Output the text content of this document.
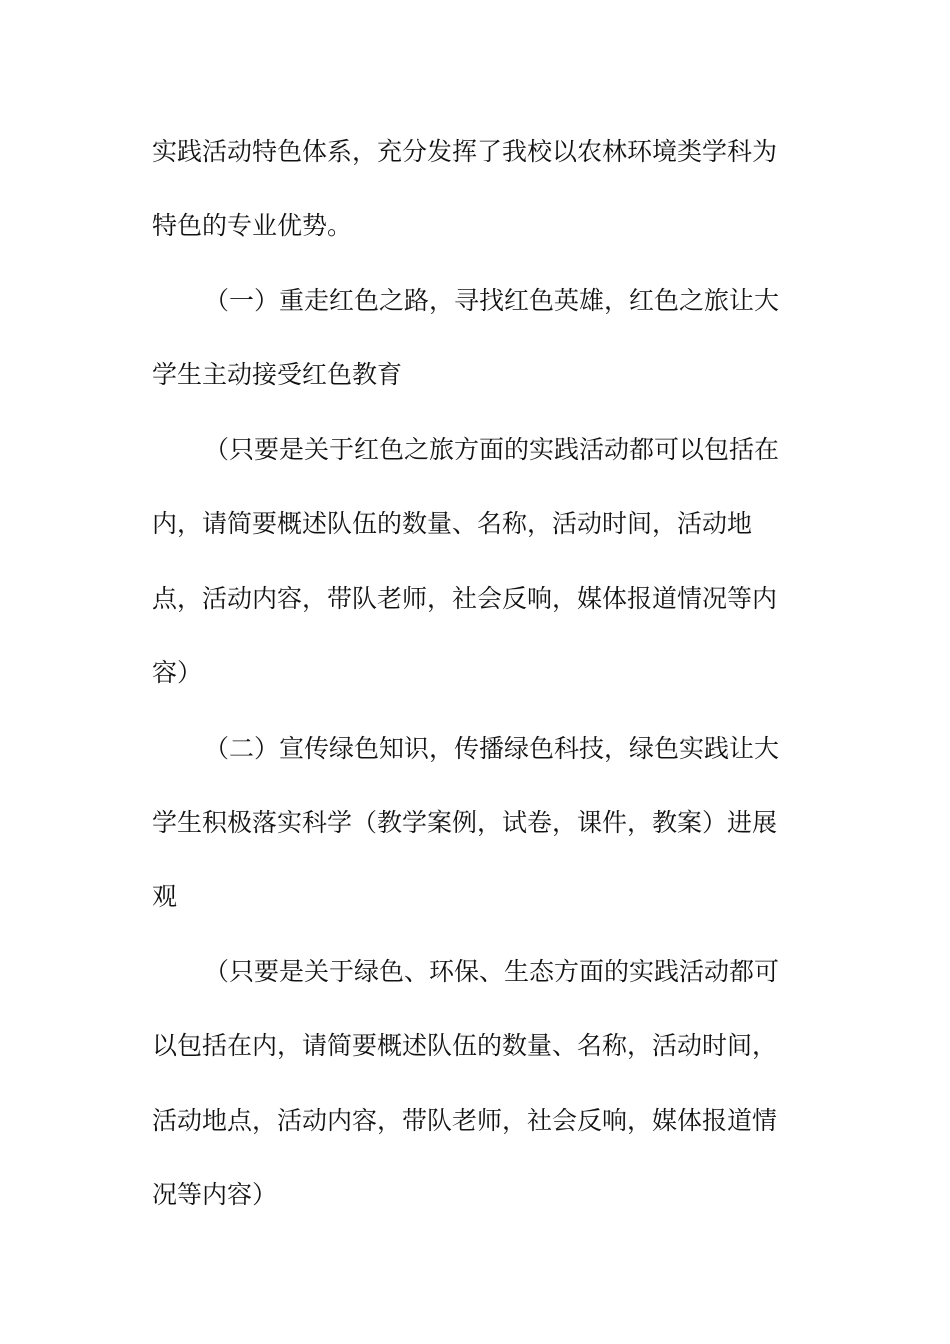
实践活动特色体系，充分发挥了我校以农林环境类学科为

特色的专业优势。

（一）重走红色之路，寻找红色英雄，红色之旅让大

学生主动接受红色教育

（只要是关于红色之旅方面的实践活动都可以包括在

内，请简要概述队伍的数量、名称，活动时间，活动地

点，活动内容，带队老师，社会反响，媒体报道情况等内

容）

（二）宣传绿色知识，传播绿色科技，绿色实践让大

学生积极落实科学（教学案例，试卷，课件，教案）进展

观

（只要是关于绿色、环保、生态方面的实践活动都可

以包括在内，请简要概述队伍的数量、名称，活动时间，

活动地点，活动内容，带队老师，社会反响，媒体报道情

况等内容）
